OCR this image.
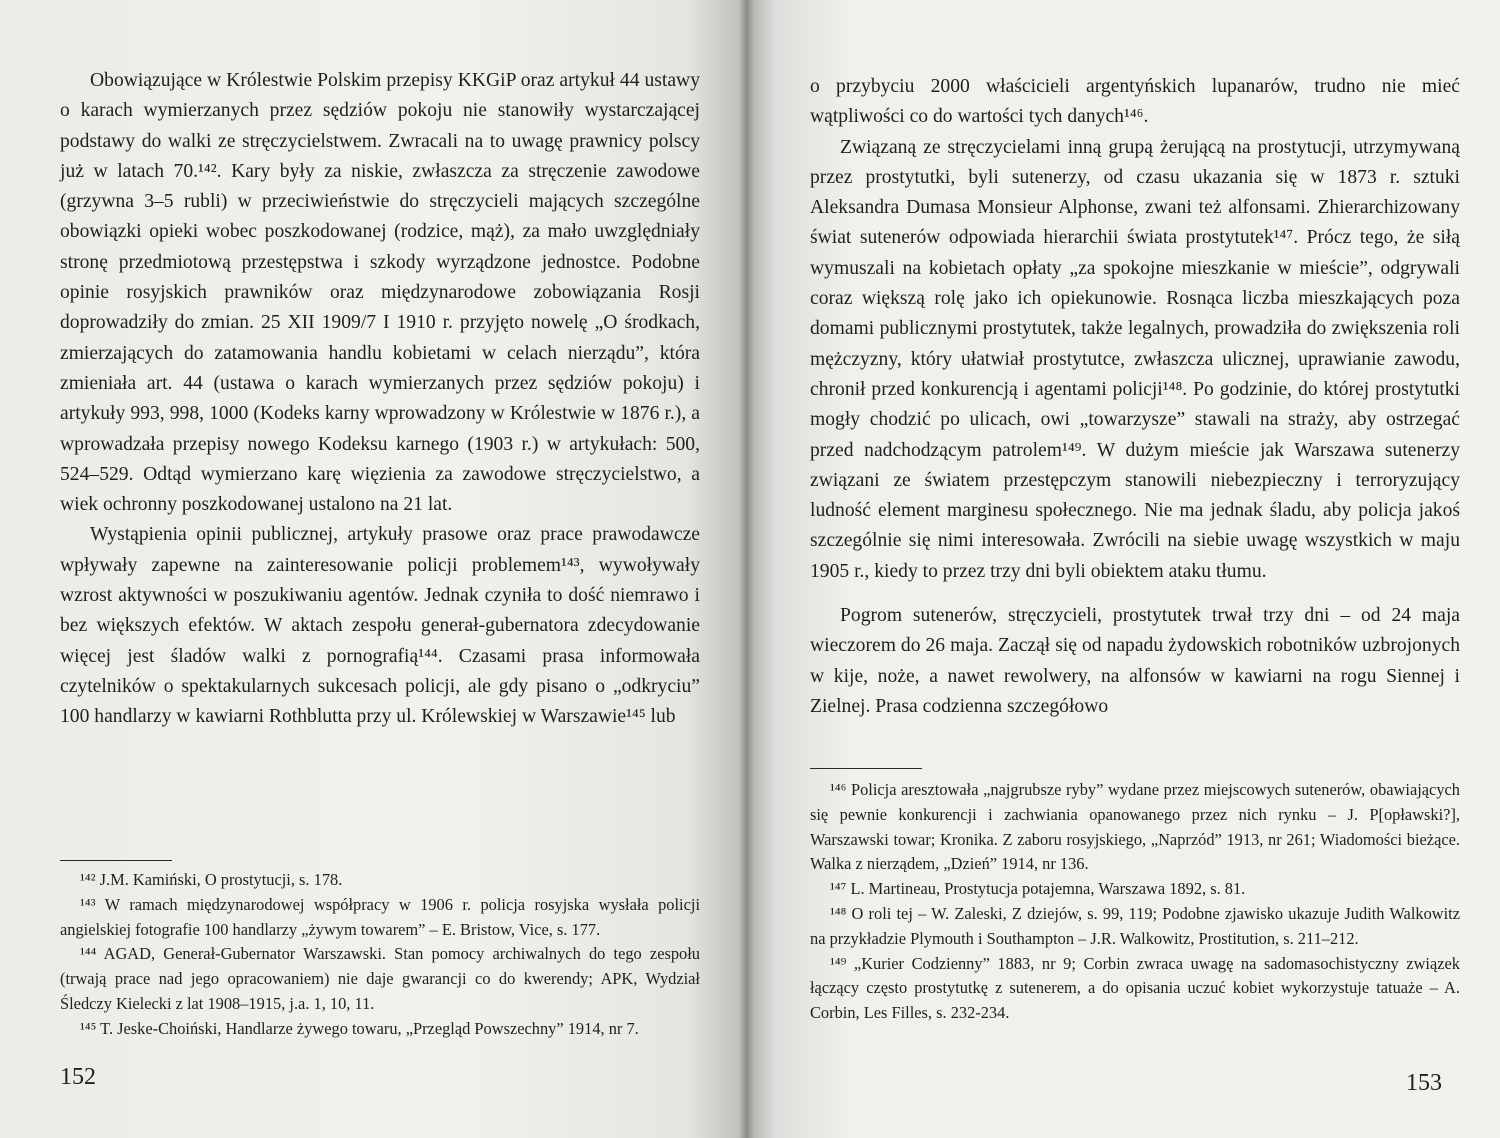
Obowiązujące w Królestwie Polskim przepisy KKGiP oraz artykuł 44 ustawy o karach wymierzanych przez sędziów pokoju nie stanowiły wystarczającej podstawy do walki ze stręczycielstwem. Zwracali na to uwagę prawnicy polscy już w latach 70.¹⁴². Kary były za niskie, zwłaszcza za stręczenie zawodowe (grzywna 3–5 rubli) w przeciwieństwie do stręczycieli mających szczególne obowiązki opieki wobec poszkodowanej (rodzice, mąż), za mało uwzględniały stronę przedmiotową przestępstwa i szkody wyrządzone jednostce. Podobne opinie rosyjskich prawników oraz międzynarodowe zobowiązania Rosji doprowadziły do zmian. 25 XII 1909/7 I 1910 r. przyjęto nowelę „O środkach, zmierzających do zatamowania handlu kobietami w celach nierządu”, która zmieniała art. 44 (ustawa o karach wymierzanych przez sędziów pokoju) i artykuły 993, 998, 1000 (Kodeks karny wprowadzony w Królestwie w 1876 r.), a wprowadzała przepisy nowego Kodeksu karnego (1903 r.) w artykułach: 500, 524–529. Odtąd wymierzano karę więzienia za zawodowe stręczycielstwo, a wiek ochronny poszkodowanej ustalono na 21 lat.

Wystąpienia opinii publicznej, artykuły prasowe oraz prace prawodawcze wpływały zapewne na zainteresowanie policji problemem¹⁴³, wywoływały wzrost aktywności w poszukiwaniu agentów. Jednak czyniła to dość niemrawo i bez większych efektów. W aktach zespołu generał-gubernatora zdecydowanie więcej jest śladów walki z pornografią¹⁴⁴. Czasami prasa informowała czytelników o spektakularnych sukcesach policji, ale gdy pisano o „odkryciu” 100 handlarzy w kawiarni Rothblutta przy ul. Królewskiej w Warszawie¹⁴⁵ lub

¹⁴² J.M. Kamiński, O prostytucji, s. 178.

¹⁴³ W ramach międzynarodowej współpracy w 1906 r. policja rosyjska wysłała policji angielskiej fotografie 100 handlarzy „żywym towarem” – E. Bristow, Vice, s. 177.

¹⁴⁴ AGAD, Generał-Gubernator Warszawski. Stan pomocy archiwalnych do tego zespołu (trwają prace nad jego opracowaniem) nie daje gwarancji co do kwerendy; APK, Wydział Śledczy Kielecki z lat 1908–1915, j.a. 1, 10, 11.

¹⁴⁵ T. Jeske-Choiński, Handlarze żywego towaru, „Przegląd Powszechny” 1914, nr 7.

152

o przybyciu 2000 właścicieli argentyńskich lupanarów, trudno nie mieć wątpliwości co do wartości tych danych¹⁴⁶.

Związaną ze stręczycielami inną grupą żerującą na prostytucji, utrzymywaną przez prostytutki, byli sutenerzy, od czasu ukazania się w 1873 r. sztuki Aleksandra Dumasa Monsieur Alphonse, zwani też alfonsami. Zhierarchizowany świat sutenerów odpowiada hierarchii świata prostytutek¹⁴⁷. Prócz tego, że siłą wymuszali na kobietach opłaty „za spokojne mieszkanie w mieście”, odgrywali coraz większą rolę jako ich opiekunowie. Rosnąca liczba mieszkających poza domami publicznymi prostytutek, także legalnych, prowadziła do zwiększenia roli mężczyzny, który ułatwiał prostytutce, zwłaszcza ulicznej, uprawianie zawodu, chronił przed konkurencją i agentami policji¹⁴⁸. Po godzinie, do której prostytutki mogły chodzić po ulicach, owi „towarzysze” stawali na straży, aby ostrzegać przed nadchodzącym patrolem¹⁴⁹. W dużym mieście jak Warszawa sutenerzy związani ze światem przestępczym stanowili niebezpieczny i terroryzujący ludność element marginesu społecznego. Nie ma jednak śladu, aby policja jakoś szczególnie się nimi interesowała. Zwrócili na siebie uwagę wszystkich w maju 1905 r., kiedy to przez trzy dni byli obiektem ataku tłumu.

Pogrom sutenerów, stręczycieli, prostytutek trwał trzy dni – od 24 maja wieczorem do 26 maja. Zaczął się od napadu żydowskich robotników uzbrojonych w kije, noże, a nawet rewolwery, na alfonsów w kawiarni na rogu Siennej i Zielnej. Prasa codzienna szczegółowo

¹⁴⁶ Policja aresztowała „najgrubsze ryby” wydane przez miejscowych sutenerów, obawiających się pewnie konkurencji i zachwiania opanowanego przez nich rynku – J. P[opławski?], Warszawski towar; Kronika. Z zaboru rosyjskiego, „Naprzód” 1913, nr 261; Wiadomości bieżące. Walka z nierządem, „Dzień” 1914, nr 136.

¹⁴⁷ L. Martineau, Prostytucja potajemna, Warszawa 1892, s. 81.

¹⁴⁸ O roli tej – W. Zaleski, Z dziejów, s. 99, 119; Podobne zjawisko ukazuje Judith Walkowitz na przykładzie Plymouth i Southampton – J.R. Walkowitz, Prostitution, s. 211–212.

¹⁴⁹ „Kurier Codzienny” 1883, nr 9; Corbin zwraca uwagę na sadomasochistyczny związek łączący często prostytutkę z sutenerem, a do opisania uczuć kobiet wykorzystuje tatuaże – A. Corbin, Les Filles, s. 232-234.

153
